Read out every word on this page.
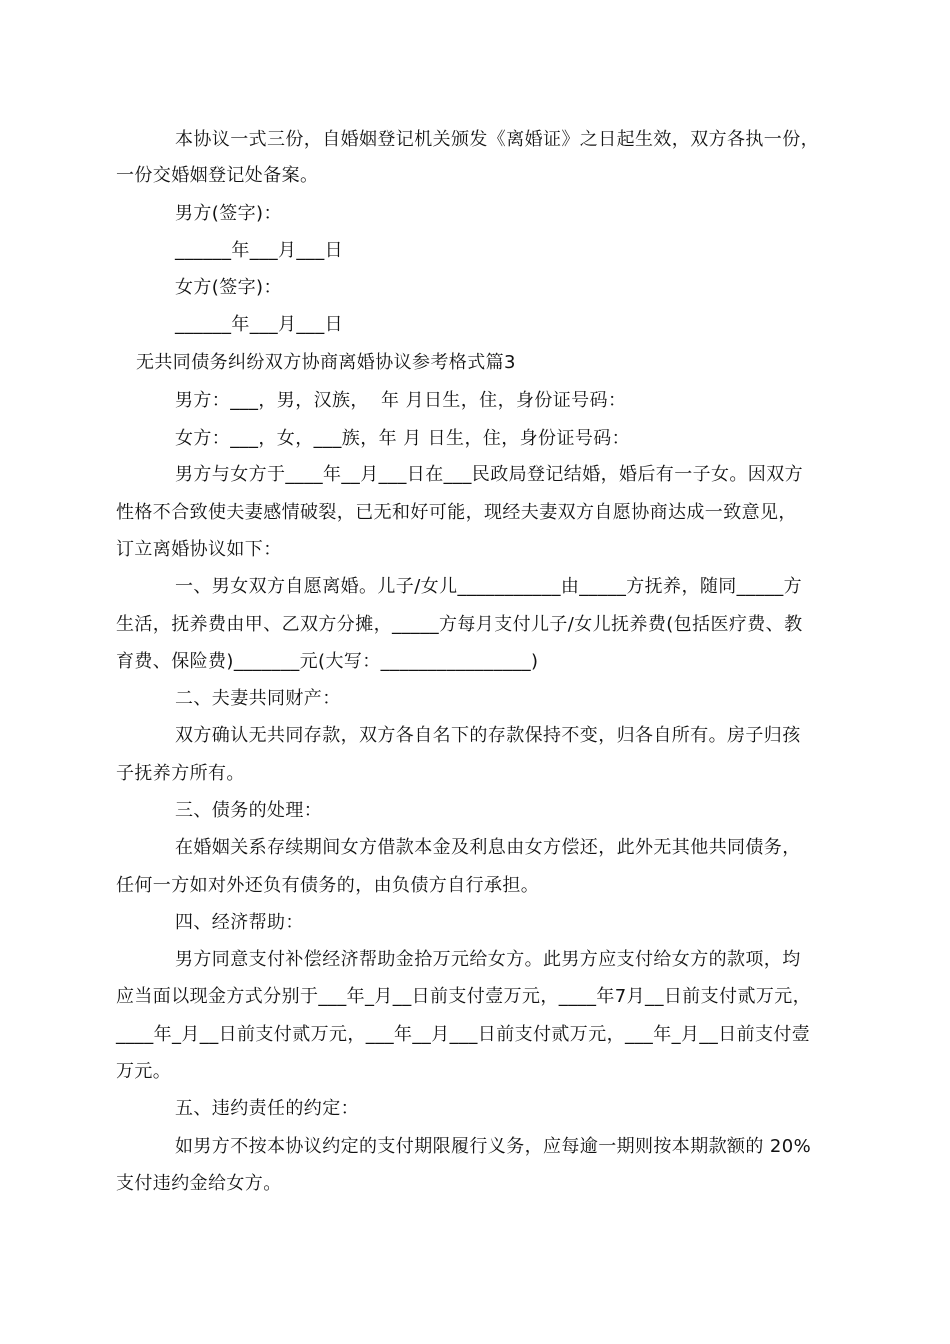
本协议一式三份，自婚姻登记机关颁发《离婚证》之日起生效，双方各执一份，
一份交婚姻登记处备案。
男方(签字)：
______年___月___日
女方(签字)：
______年___月___日
无共同债务纠纷双方协商离婚协议参考格式篇3
男方：___，男，汉族，  年 月日生，住，身份证号码：
女方：___，女，___族，年 月 日生，住，身份证号码：
男方与女方于____年__月___日在___民政局登记结婚，婚后有一子女。因双方
性格不合致使夫妻感情破裂，已无和好可能，现经夫妻双方自愿协商达成一致意见，
订立离婚协议如下：
一、男女双方自愿离婚。儿子/女儿___________由_____方抚养，随同_____方
生活，抚养费由甲、乙双方分摊，_____方每月支付儿子/女儿抚养费(包括医疗费、教
育费、保险费)_______元(大写：________________)
二、夫妻共同财产：
双方确认无共同存款，双方各自名下的存款保持不变，归各自所有。房子归孩
子抚养方所有。
三、债务的处理：
在婚姻关系存续期间女方借款本金及利息由女方偿还，此外无其他共同债务，
任何一方如对外还负有债务的，由负债方自行承担。
四、经济帮助：
男方同意支付补偿经济帮助金拾万元给女方。此男方应支付给女方的款项，均
应当面以现金方式分别于___年_月__日前支付壹万元，____年7月__日前支付贰万元，
____年_月__日前支付贰万元，___年__月___日前支付贰万元，___年_月__日前支付壹
万元。
五、违约责任的约定：
如男方不按本协议约定的支付期限履行义务，应每逾一期则按本期款额的 20%
支付违约金给女方。
